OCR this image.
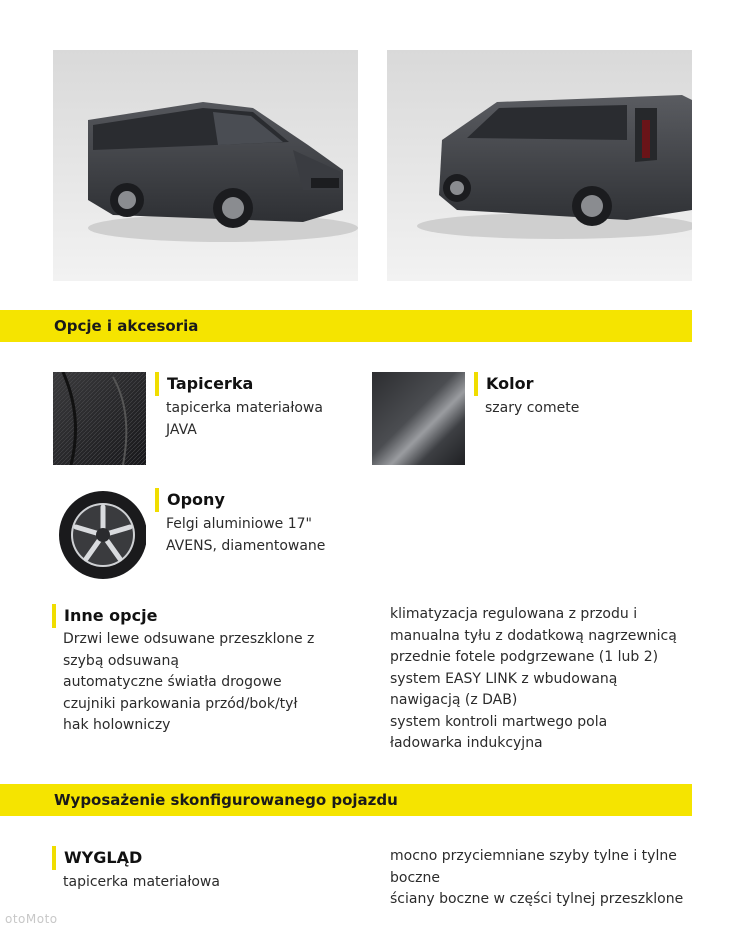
Opcje i akcesoria
Tapicerka
tapicerka materiałowa
JAVA
Kolor
szary comete
Opony
Felgi aluminiowe 17"
AVENS, diamentowane
Inne opcje
Drzwi lewe odsuwane przeszklone z
szybą odsuwaną
automatyczne światła drogowe
czujniki parkowania przód/bok/tył
hak holowniczy
klimatyzacja regulowana z przodu i
manualna tyłu z dodatkową nagrzewnicą
przednie fotele podgrzewane (1 lub 2)
system EASY LINK z wbudowaną
nawigacją (z DAB)
system kontroli martwego pola
ładowarka indukcyjna
Wyposażenie skonfigurowanego pojazdu
WYGLĄD
tapicerka materiałowa
mocno przyciemniane szyby tylne i tylne
boczne
ściany boczne w części tylnej przeszklone
otoMoto
